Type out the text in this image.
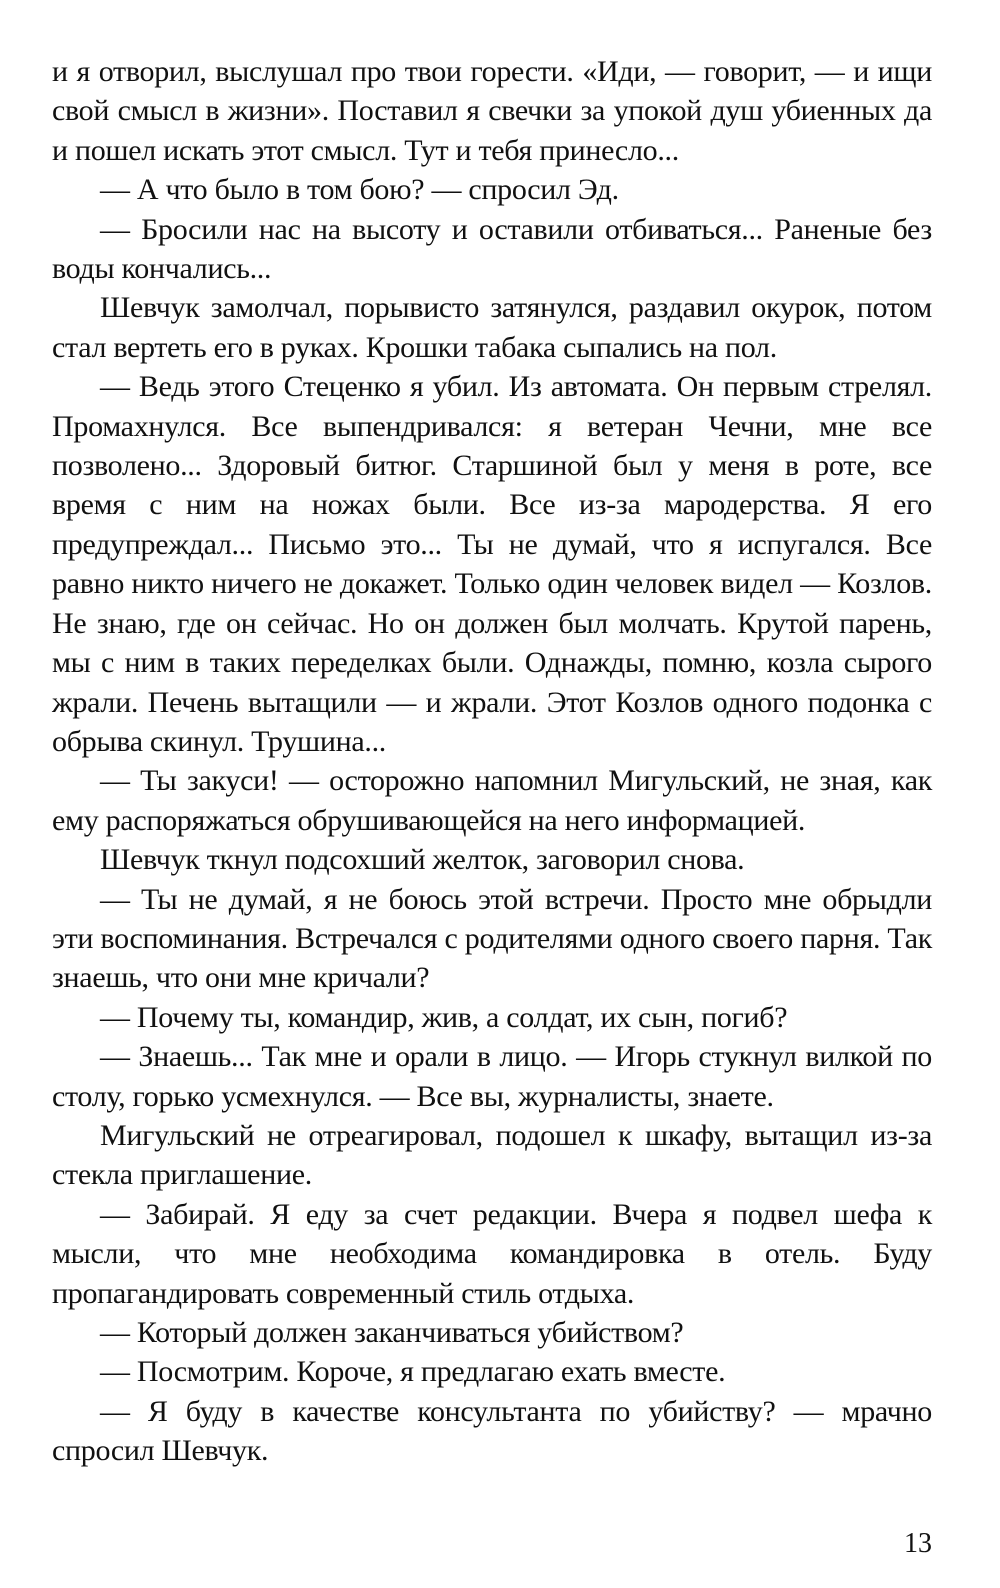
и я отворил, выслушал про твои горести. «Иди, — говорит, — и ищи свой смысл в жизни». Поставил я свечки за упокой душ убиенных да и пошел искать этот смысл. Тут и тебя принесло...

— А что было в том бою? — спросил Эд.

— Бросили нас на высоту и оставили отбиваться... Раненые без воды кончались...

Шевчук замолчал, порывисто затянулся, раздавил окурок, потом стал вертеть его в руках. Крошки табака сыпались на пол.

— Ведь этого Стеценко я убил. Из автомата. Он первым стрелял. Промахнулся. Все выпендривался: я ветеран Чечни, мне все позволено... Здоровый битюг. Старшиной был у меня в роте, все время с ним на ножах были. Все из-за мародерства. Я его предупреждал... Письмо это... Ты не думай, что я испугался. Все равно никто ничего не докажет. Только один человек видел — Козлов. Не знаю, где он сейчас. Но он должен был молчать. Крутой парень, мы с ним в таких переделках были. Однажды, помню, козла сырого жрали. Печень вытащили — и жрали. Этот Козлов одного подонка с обрыва скинул. Трушина...

— Ты закуси! — осторожно напомнил Мигульский, не зная, как ему распоряжаться обрушивающейся на него информацией.

Шевчук ткнул подсохший желток, заговорил снова.

— Ты не думай, я не боюсь этой встречи. Просто мне обрыдли эти воспоминания. Встречался с родителями одного своего парня. Так знаешь, что они мне кричали?

— Почему ты, командир, жив, а солдат, их сын, погиб?

— Знаешь... Так мне и орали в лицо. — Игорь стукнул вилкой по столу, горько усмехнулся. — Все вы, журналисты, знаете.

Мигульский не отреагировал, подошел к шкафу, вытащил из-за стекла приглашение.

— Забирай. Я еду за счет редакции. Вчера я подвел шефа к мысли, что мне необходима командировка в отель. Буду пропагандировать современный стиль отдыха.

— Который должен заканчиваться убийством?

— Посмотрим. Короче, я предлагаю ехать вместе.

— Я буду в качестве консультанта по убийству? — мрачно спросил Шевчук.

13
